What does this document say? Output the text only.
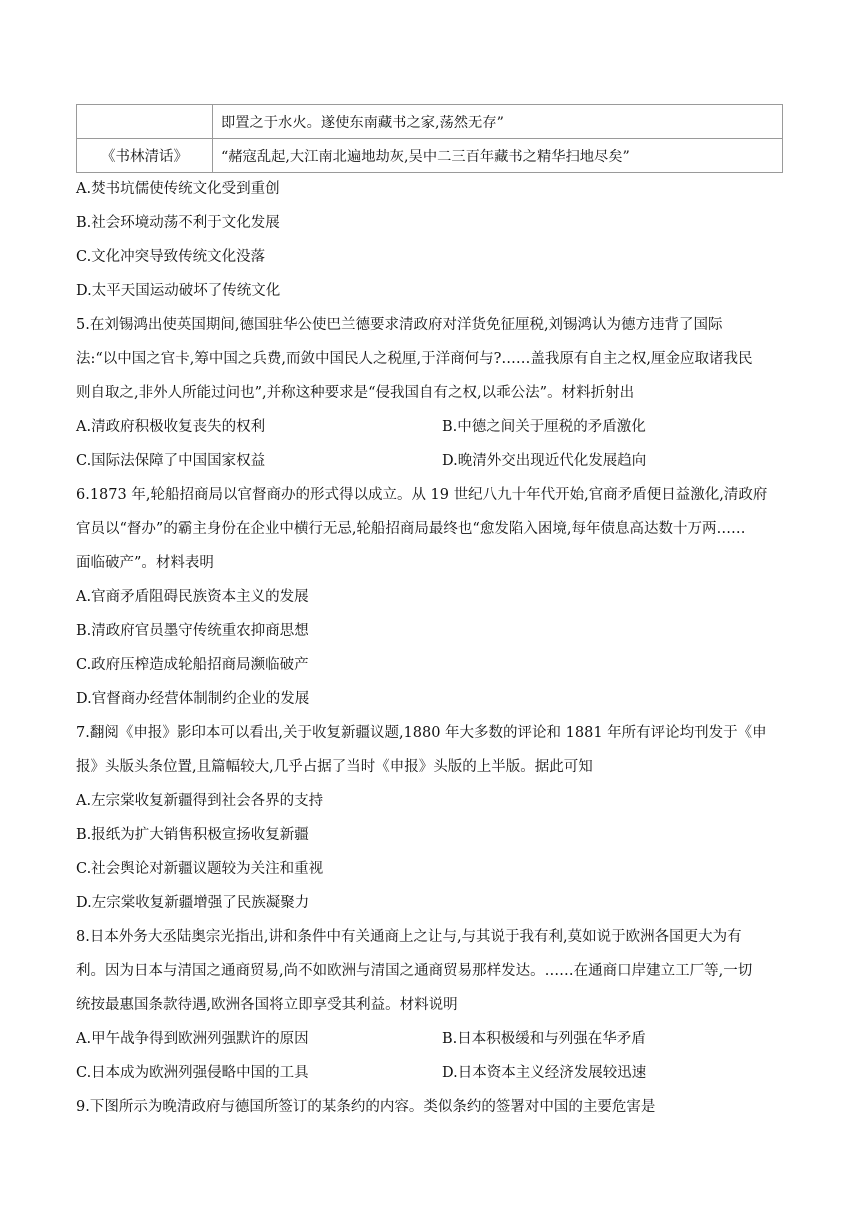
	即置之于水火。遂使东南藏书之家,荡然无存”
《书林清话》	“赭寇乱起,大江南北遍地劫灰,吴中二三百年藏书之精华扫地尽矣”
A.焚书坑儒使传统文化受到重创
B.社会环境动荡不利于文化发展
C.文化冲突导致传统文化没落
D.太平天国运动破坏了传统文化
5.在刘锡鸿出使英国期间,德国驻华公使巴兰德要求清政府对洋货免征厘税,刘锡鸿认为德方违背了国际
法:“以中国之官卡,筹中国之兵费,而敛中国民人之税厘,于洋商何与?……盖我原有自主之权,厘金应取诸我民
则自取之,非外人所能过问也”,并称这种要求是“侵我国自有之权,以乖公法”。材料折射出
A.清政府积极收复丧失的权利	B.中德之间关于厘税的矛盾激化
C.国际法保障了中国国家权益	D.晚清外交出现近代化发展趋向
6.1873 年,轮船招商局以官督商办的形式得以成立。从 19 世纪八九十年代开始,官商矛盾便日益激化,清政府
官员以“督办”的霸主身份在企业中横行无忌,轮船招商局最终也“愈发陷入困境,每年债息高达数十万两……
面临破产”。材料表明
A.官商矛盾阻碍民族资本主义的发展
B.清政府官员墨守传统重农抑商思想
C.政府压榨造成轮船招商局濒临破产
D.官督商办经营体制制约企业的发展
7.翻阅《申报》影印本可以看出,关于收复新疆议题,1880 年大多数的评论和 1881 年所有评论均刊发于《申
报》头版头条位置,且篇幅较大,几乎占据了当时《申报》头版的上半版。据此可知
A.左宗棠收复新疆得到社会各界的支持
B.报纸为扩大销售积极宣扬收复新疆
C.社会舆论对新疆议题较为关注和重视
D.左宗棠收复新疆增强了民族凝聚力
8.日本外务大丞陆奥宗光指出,讲和条件中有关通商上之让与,与其说于我有利,莫如说于欧洲各国更大为有
利。因为日本与清国之通商贸易,尚不如欧洲与清国之通商贸易那样发达。……在通商口岸建立工厂等,一切
统按最惠国条款待遇,欧洲各国将立即享受其利益。材料说明
A.甲午战争得到欧洲列强默许的原因	B.日本积极缓和与列强在华矛盾
C.日本成为欧洲列强侵略中国的工具	D.日本资本主义经济发展较迅速
9.下图所示为晚清政府与德国所签订的某条约的内容。类似条约的签署对中国的主要危害是
